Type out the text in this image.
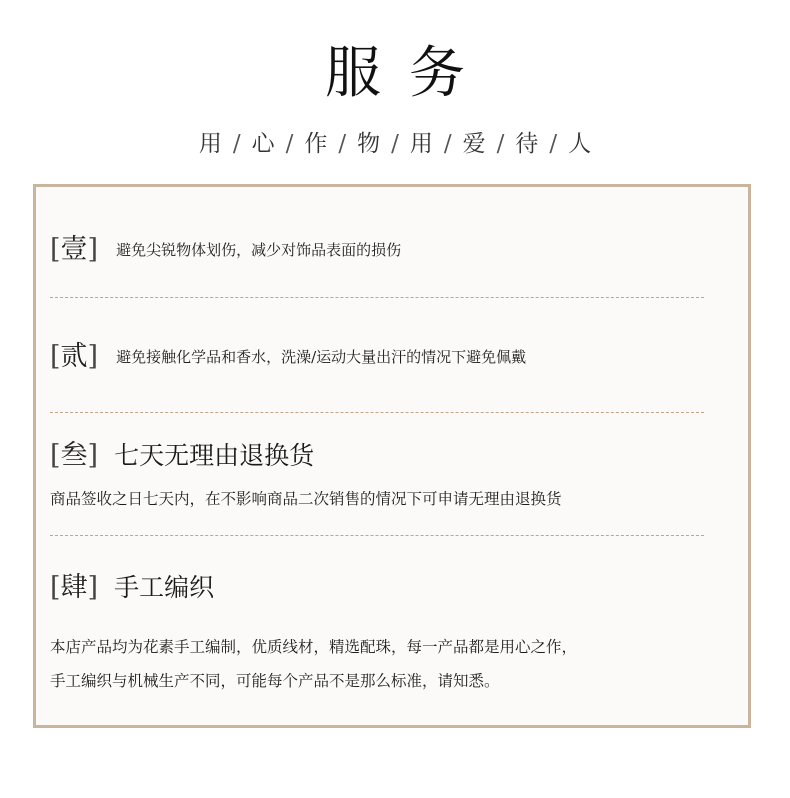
服务
用 / 心 / 作 / 物 / 用 / 爱 / 待 / 人
[壹] 避免尖锐物体划伤，减少对饰品表面的损伤
[贰] 避免接触化学品和香水，洗澡/运动大量出汗的情况下避免佩戴
[叁] 七天无理由退换货
商品签收之日七天内，在不影响商品二次销售的情况下可申请无理由退换货
[肆] 手工编织
本店产品均为花素手工编制，优质线材，精选配珠，每一产品都是用心之作，
手工编织与机械生产不同，可能每个产品不是那么标准，请知悉。
